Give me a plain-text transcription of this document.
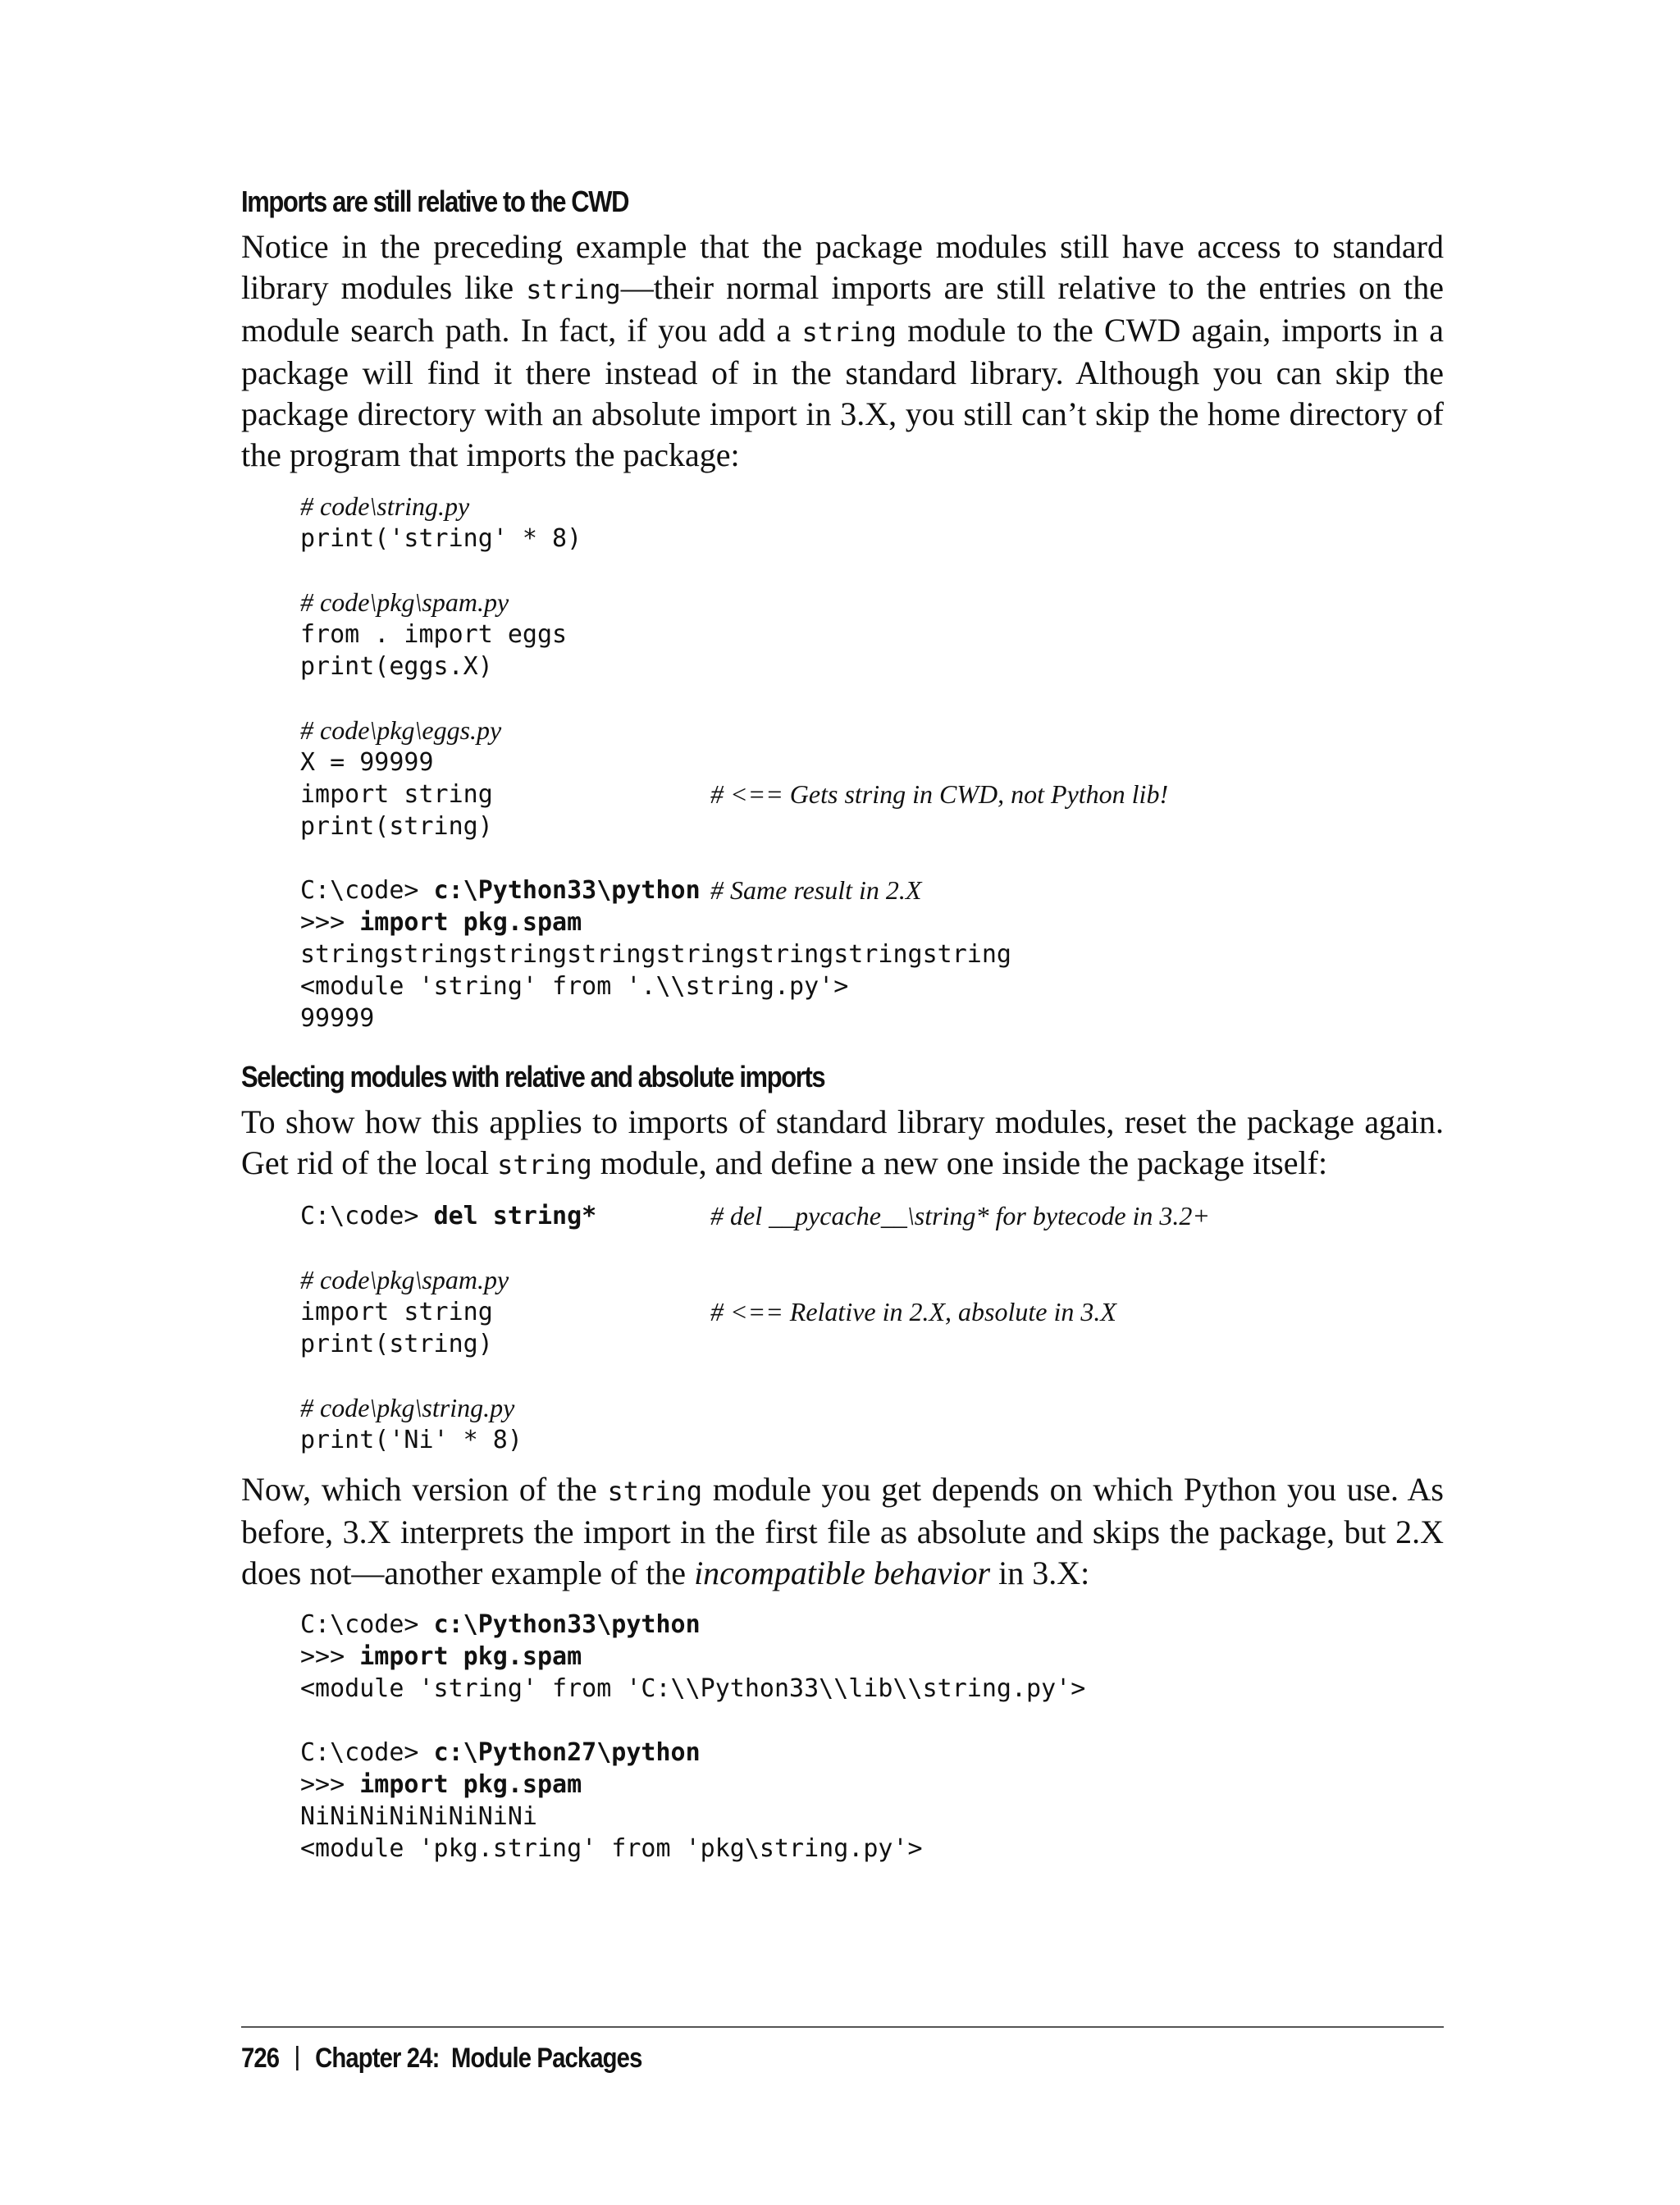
Imports are still relative to the CWD

Notice in the preceding example that the package modules still have access to standard library modules like string—their normal imports are still relative to the entries on the module search path. In fact, if you add a string module to the CWD again, imports in a package will find it there instead of in the standard library. Although you can skip the package directory with an absolute import in 3.X, you still can’t skip the home directory of the program that imports the package:

# code\string.py
print('string' * 8)
# code\pkg\spam.py
from . import eggs
print(eggs.X)
# code\pkg\eggs.py
X = 99999
import string	# <== Gets string in CWD, not Python lib!
print(string)
C:\code> c:\Python33\python # Same result in 2.X
>>> import pkg.spam
stringstringstringstringstringstringstringstring
<module 'string' from '.\\string.py'>
99999
Selecting modules with relative and absolute imports

To show how this applies to imports of standard library modules, reset the package again. Get rid of the local string module, and define a new one inside the package itself:

C:\code> del string*	# del __pycache__\string* for bytecode in 3.2+
# code\pkg\spam.py
import string	# <== Relative in 2.X, absolute in 3.X
print(string)
# code\pkg\string.py
print('Ni' * 8)

Now, which version of the string module you get depends on which Python you use. As before, 3.X interprets the import in the first file as absolute and skips the package, but 2.X does not—another example of the incompatible behavior in 3.X:

C:\code> c:\Python33\python
>>> import pkg.spam
<module 'string' from 'C:\\Python33\\lib\\string.py'>
C:\code> c:\Python27\python
>>> import pkg.spam
NiNiNiNiNiNiNiNi
<module 'pkg.string' from 'pkg\string.py'>
726 Chapter 24:  Module Packages
